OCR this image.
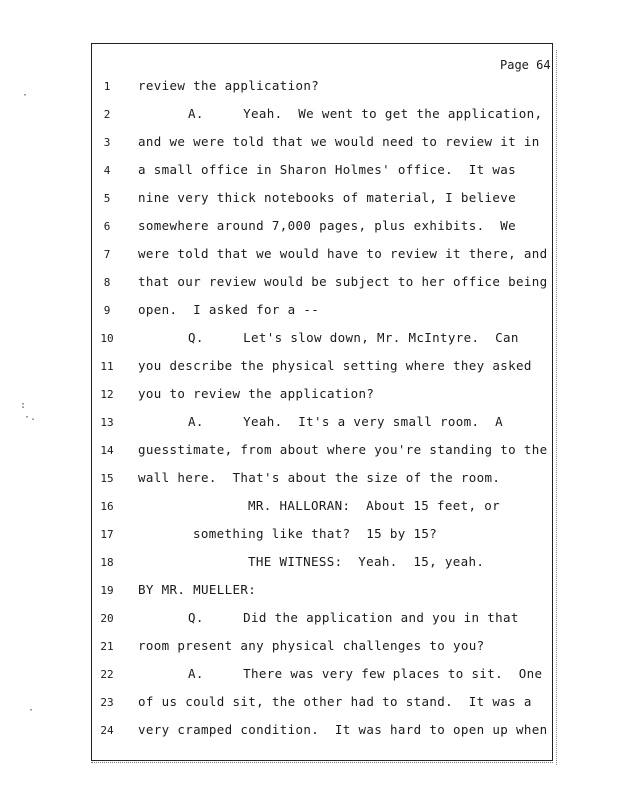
·
:
·.
·
Page 64
1	review the application?
2	A.     Yeah.  We went to get the application,
3	and we were told that we would need to review it in
4	a small office in Sharon Holmes' office.  It was
5	nine very thick notebooks of material, I believe
6	somewhere around 7,000 pages, plus exhibits.  We
7	were told that we would have to review it there, and
8	that our review would be subject to her office being
9	open.  I asked for a --
10	Q.     Let's slow down, Mr. McIntyre.  Can
11	you describe the physical setting where they asked
12	you to review the application?
13	A.     Yeah.  It's a very small room.  A
14	guesstimate, from about where you're standing to the
15	wall here.  That's about the size of the room.
16	MR. HALLORAN:  About 15 feet, or
17	something like that?  15 by 15?
18	THE WITNESS:  Yeah.  15, yeah.
19	BY MR. MUELLER:
20	Q.     Did the application and you in that
21	room present any physical challenges to you?
22	A.     There was very few places to sit.  One
23	of us could sit, the other had to stand.  It was a
24	very cramped condition.  It was hard to open up when
